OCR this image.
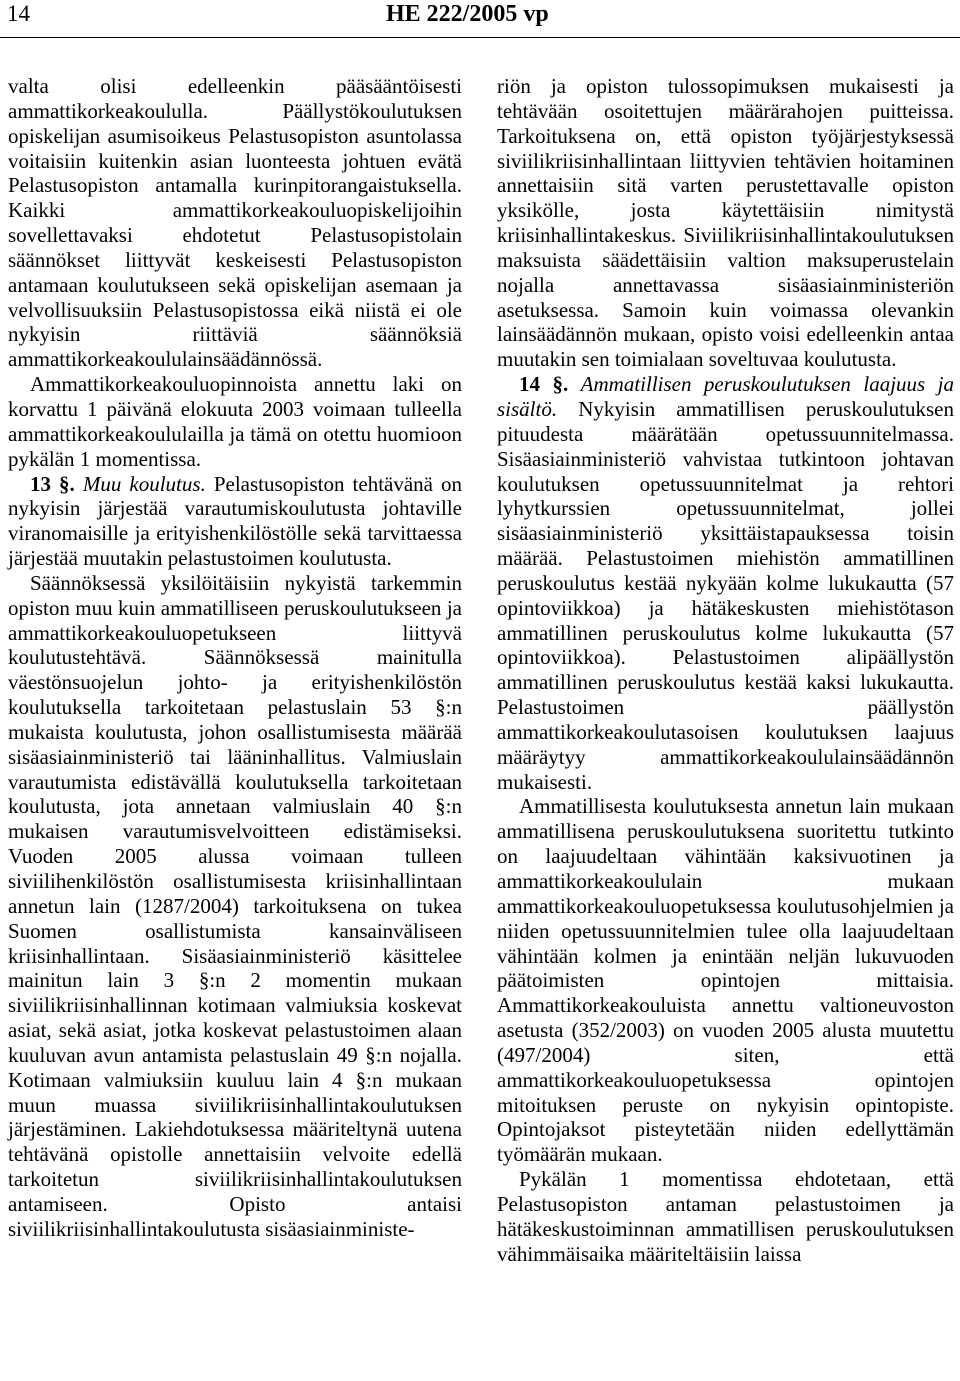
14	HE 222/2005 vp

valta olisi edelleenkin pääsääntöisesti ammattikorkeakoululla. Päällystökoulutuksen opiskelijan asumisoikeus Pelastusopiston asuntolassa voitaisiin kuitenkin asian luonteesta johtuen evätä Pelastusopiston antamalla kurinpitorangaistuksella. Kaikki ammattikorkeakouluopiskelijoihin sovellettavaksi ehdotetut Pelastusopistolain säännökset liittyvät keskeisesti Pelastusopiston antamaan koulutukseen sekä opiskelijan asemaan ja velvollisuuksiin Pelastusopistossa eikä niistä ei ole nykyisin riittäviä säännöksiä ammattikorkeakoululainsäädännössä.

Ammattikorkeakouluopinnoista annettu laki on korvattu 1 päivänä elokuuta 2003 voimaan tulleella ammattikorkeakoululailla ja tämä on otettu huomioon pykälän 1 momentissa.

13 §. Muu koulutus. Pelastusopiston tehtävänä on nykyisin järjestää varautumiskoulutusta johtaville viranomaisille ja erityishenkilöstölle sekä tarvittaessa järjestää muutakin pelastustoimen koulutusta.

Säännöksessä yksilöitäisiin nykyistä tarkemmin opiston muu kuin ammatilliseen peruskoulutukseen ja ammattikorkeakouluopetukseen liittyvä koulutustehtävä. Säännöksessä mainitulla väestönsuojelun johto- ja erityishenkilöstön koulutuksella tarkoitetaan pelastuslain 53 §:n mukaista koulutusta, johon osallistumisesta määrää sisäasiainministeriö tai lääninhallitus. Valmiuslain varautumista edistävällä koulutuksella tarkoitetaan koulutusta, jota annetaan valmiuslain 40 §:n mukaisen varautumisvelvoitteen edistämiseksi. Vuoden 2005 alussa voimaan tulleen siviilihenkilöstön osallistumisesta kriisinhallintaan annetun lain (1287/2004) tarkoituksena on tukea Suomen osallistumista kansainväliseen kriisinhallintaan. Sisäasiainministeriö käsittelee mainitun lain 3 §:n 2 momentin mukaan siviilikriisinhallinnan kotimaan valmiuksia koskevat asiat, sekä asiat, jotka koskevat pelastustoimen alaan kuuluvan avun antamista pelastuslain 49 §:n nojalla. Kotimaan valmiuksiin kuuluu lain 4 §:n mukaan muun muassa siviilikriisinhallintakoulutuksen järjestäminen. Lakiehdotuksessa määriteltynä uutena tehtävänä opistolle annettaisiin velvoite edellä tarkoitetun siviilikriisinhallintakoulutuksen antamiseen. Opisto antaisi siviilikriisinhallintakoulutusta sisäasiainministe-

riön ja opiston tulossopimuksen mukaisesti ja tehtävään osoitettujen määrärahojen puitteissa. Tarkoituksena on, että opiston työjärjestyksessä siviilikriisinhallintaan liittyvien tehtävien hoitaminen annettaisiin sitä varten perustettavalle opiston yksikölle, josta käytettäisiin nimitystä kriisinhallintakeskus. Siviilikriisinhallintakoulutuksen maksuista säädettäisiin valtion maksuperustelain nojalla annettavassa sisäasiainministeriön asetuksessa. Samoin kuin voimassa olevankin lainsäädännön mukaan, opisto voisi edelleenkin antaa muutakin sen toimialaan soveltuvaa koulutusta.

14 §. Ammatillisen peruskoulutuksen laajuus ja sisältö. Nykyisin ammatillisen peruskoulutuksen pituudesta määrätään opetussuunnitelmassa. Sisäasiainministeriö vahvistaa tutkintoon johtavan koulutuksen opetussuunnitelmat ja rehtori lyhytkurssien opetussuunnitelmat, jollei sisäasiainministeriö yksittäistapauksessa toisin määrää. Pelastustoimen miehistön ammatillinen peruskoulutus kestää nykyään kolme lukukautta (57 opintoviikkoa) ja hätäkeskusten miehistötason ammatillinen peruskoulutus kolme lukukautta (57 opintoviikkoa). Pelastustoimen alipäällystön ammatillinen peruskoulutus kestää kaksi lukukautta. Pelastustoimen päällystön ammattikorkeakoulutasoisen koulutuksen laajuus määräytyy ammattikorkeakoululainsäädännön mukaisesti.

Ammatillisesta koulutuksesta annetun lain mukaan ammatillisena peruskoulutuksena suoritettu tutkinto on laajuudeltaan vähintään kaksivuotinen ja ammattikorkeakoululain mukaan ammattikorkeakouluopetuksessa koulutusohjelmien ja niiden opetussuunnitelmien tulee olla laajuudeltaan vähintään kolmen ja enintään neljän lukuvuoden päätoimisten opintojen mittaisia. Ammattikorkeakouluista annettu valtioneuvoston asetusta (352/2003) on vuoden 2005 alusta muutettu (497/2004) siten, että ammattikorkeakouluopetuksessa opintojen mitoituksen peruste on nykyisin opintopiste. Opintojaksot pisteytetään niiden edellyttämän työmäärän mukaan.

Pykälän 1 momentissa ehdotetaan, että Pelastusopiston antaman pelastustoimen ja hätäkeskustoiminnan ammatillisen peruskoulutuksen vähimmäisaika määriteltäisiin laissa
